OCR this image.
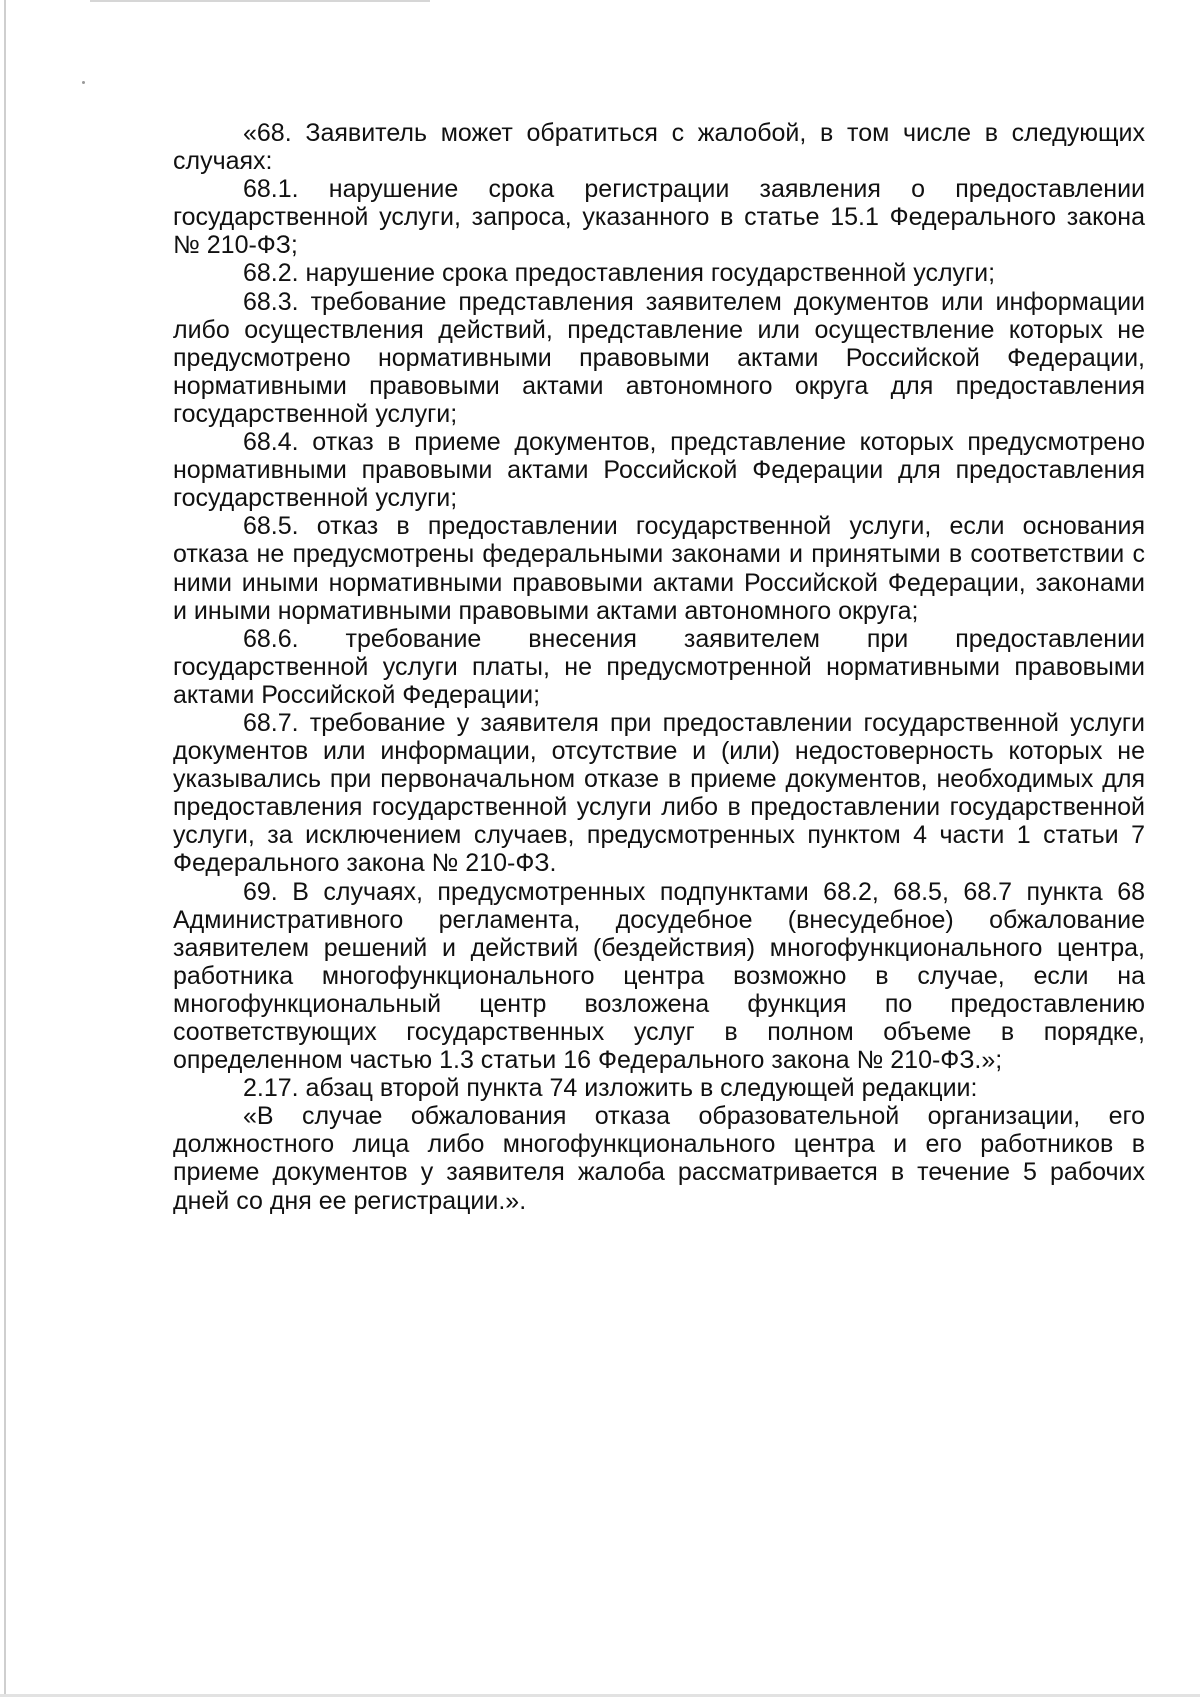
«68. Заявитель может обратиться с жалобой, в том числе в следующих случаях:

68.1. нарушение срока регистрации заявления о предоставлении государственной услуги, запроса, указанного в статье 15.1 Федерального закона № 210-ФЗ;

68.2. нарушение срока предоставления государственной услуги;

68.3. требование представления заявителем документов или информации либо осуществления действий, представление или осуществление которых не предусмотрено нормативными правовыми актами Российской Федерации, нормативными правовыми актами автономного округа для предоставления государственной услуги;

68.4. отказ в приеме документов, представление которых предусмотрено нормативными правовыми актами Российской Федерации для предоставления государственной услуги;

68.5. отказ в предоставлении государственной услуги, если основания отказа не предусмотрены федеральными законами и принятыми в соответствии с ними иными нормативными правовыми актами Российской Федерации, законами и иными нормативными правовыми актами автономного округа;

68.6. требование внесения заявителем при предоставлении государственной услуги платы, не предусмотренной нормативными правовыми актами Российской Федерации;

68.7. требование у заявителя при предоставлении государственной услуги документов или информации, отсутствие и (или) недостоверность которых не указывались при первоначальном отказе в приеме документов, необходимых для предоставления государственной услуги либо в предоставлении государственной услуги, за исключением случаев, предусмотренных пунктом 4 части 1 статьи 7 Федерального закона № 210-ФЗ.

69. В случаях, предусмотренных подпунктами 68.2, 68.5, 68.7 пункта 68 Административного регламента, досудебное (внесудебное) обжалование заявителем решений и действий (бездействия) многофункционального центра, работника многофункционального центра возможно в случае, если на многофункциональный центр возложена функция по предоставлению соответствующих государственных услуг в полном объеме в порядке, определенном частью 1.3 статьи 16 Федерального закона № 210-ФЗ.»;

2.17. абзац второй пункта 74 изложить в следующей редакции:

«В случае обжалования отказа образовательной организации, его должностного лица либо многофункционального центра и его работников в приеме документов у заявителя жалоба рассматривается в течение 5 рабочих дней со дня ее регистрации.».
